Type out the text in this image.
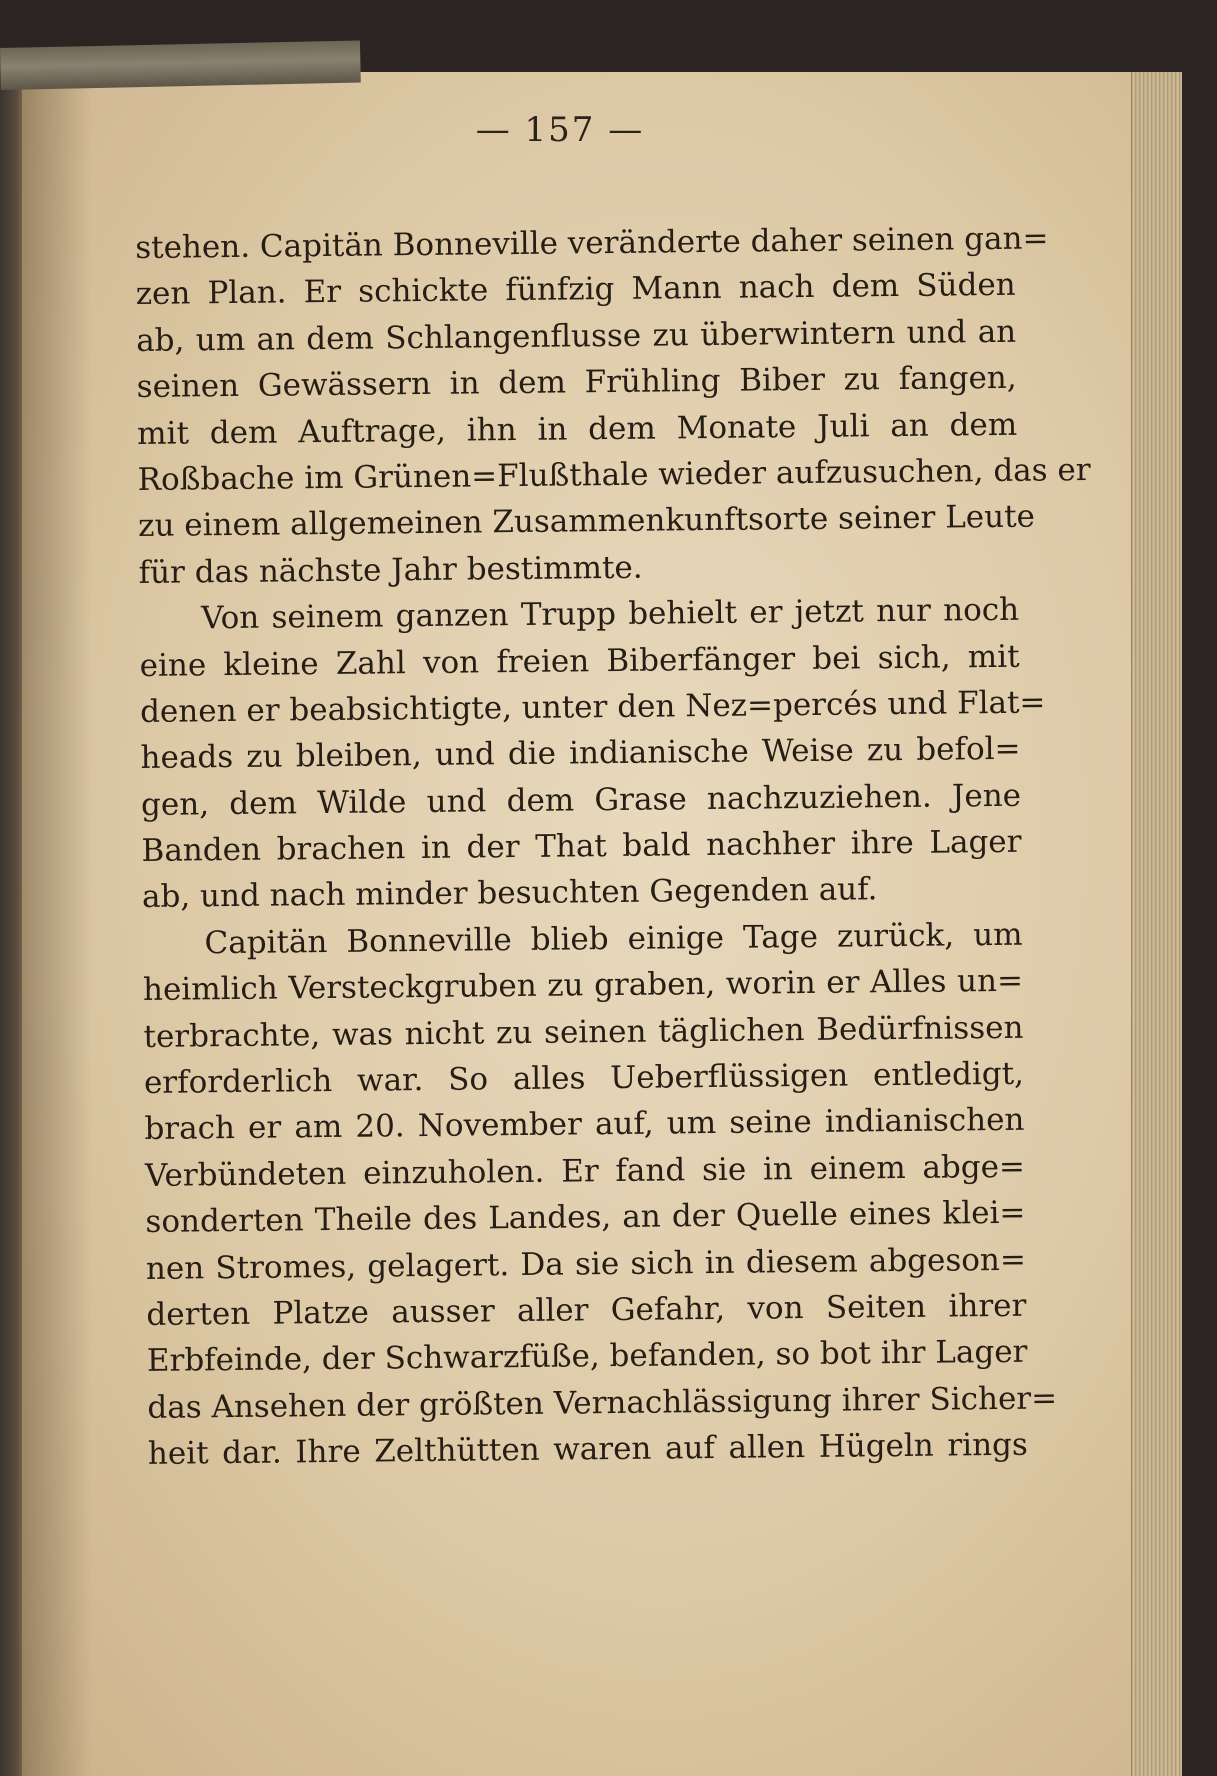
— 157 —
stehen. Capitän Bonneville veränderte daher seinen gan=
zen Plan. Er schickte fünfzig Mann nach dem Süden
ab, um an dem Schlangenflusse zu überwintern und an
seinen Gewässern in dem Frühling Biber zu fangen,
mit dem Auftrage, ihn in dem Monate Juli an dem
Roßbache im Grünen=Flußthale wieder aufzusuchen, das er
zu einem allgemeinen Zusammenkunftsorte seiner Leute
für das nächste Jahr bestimmte.
Von seinem ganzen Trupp behielt er jetzt nur noch
eine kleine Zahl von freien Biberfänger bei sich, mit
denen er beabsichtigte, unter den Nez=percés und Flat=
heads zu bleiben, und die indianische Weise zu befol=
gen, dem Wilde und dem Grase nachzuziehen. Jene
Banden brachen in der That bald nachher ihre Lager
ab, und nach minder besuchten Gegenden auf.
Capitän Bonneville blieb einige Tage zurück, um
heimlich Versteckgruben zu graben, worin er Alles un=
terbrachte, was nicht zu seinen täglichen Bedürfnissen
erforderlich war. So alles Ueberflüssigen entledigt,
brach er am 20. November auf, um seine indianischen
Verbündeten einzuholen. Er fand sie in einem abge=
sonderten Theile des Landes, an der Quelle eines klei=
nen Stromes, gelagert. Da sie sich in diesem abgeson=
derten Platze ausser aller Gefahr, von Seiten ihrer
Erbfeinde, der Schwarzfüße, befanden, so bot ihr Lager
das Ansehen der größten Vernachlässigung ihrer Sicher=
heit dar. Ihre Zelthütten waren auf allen Hügeln rings
